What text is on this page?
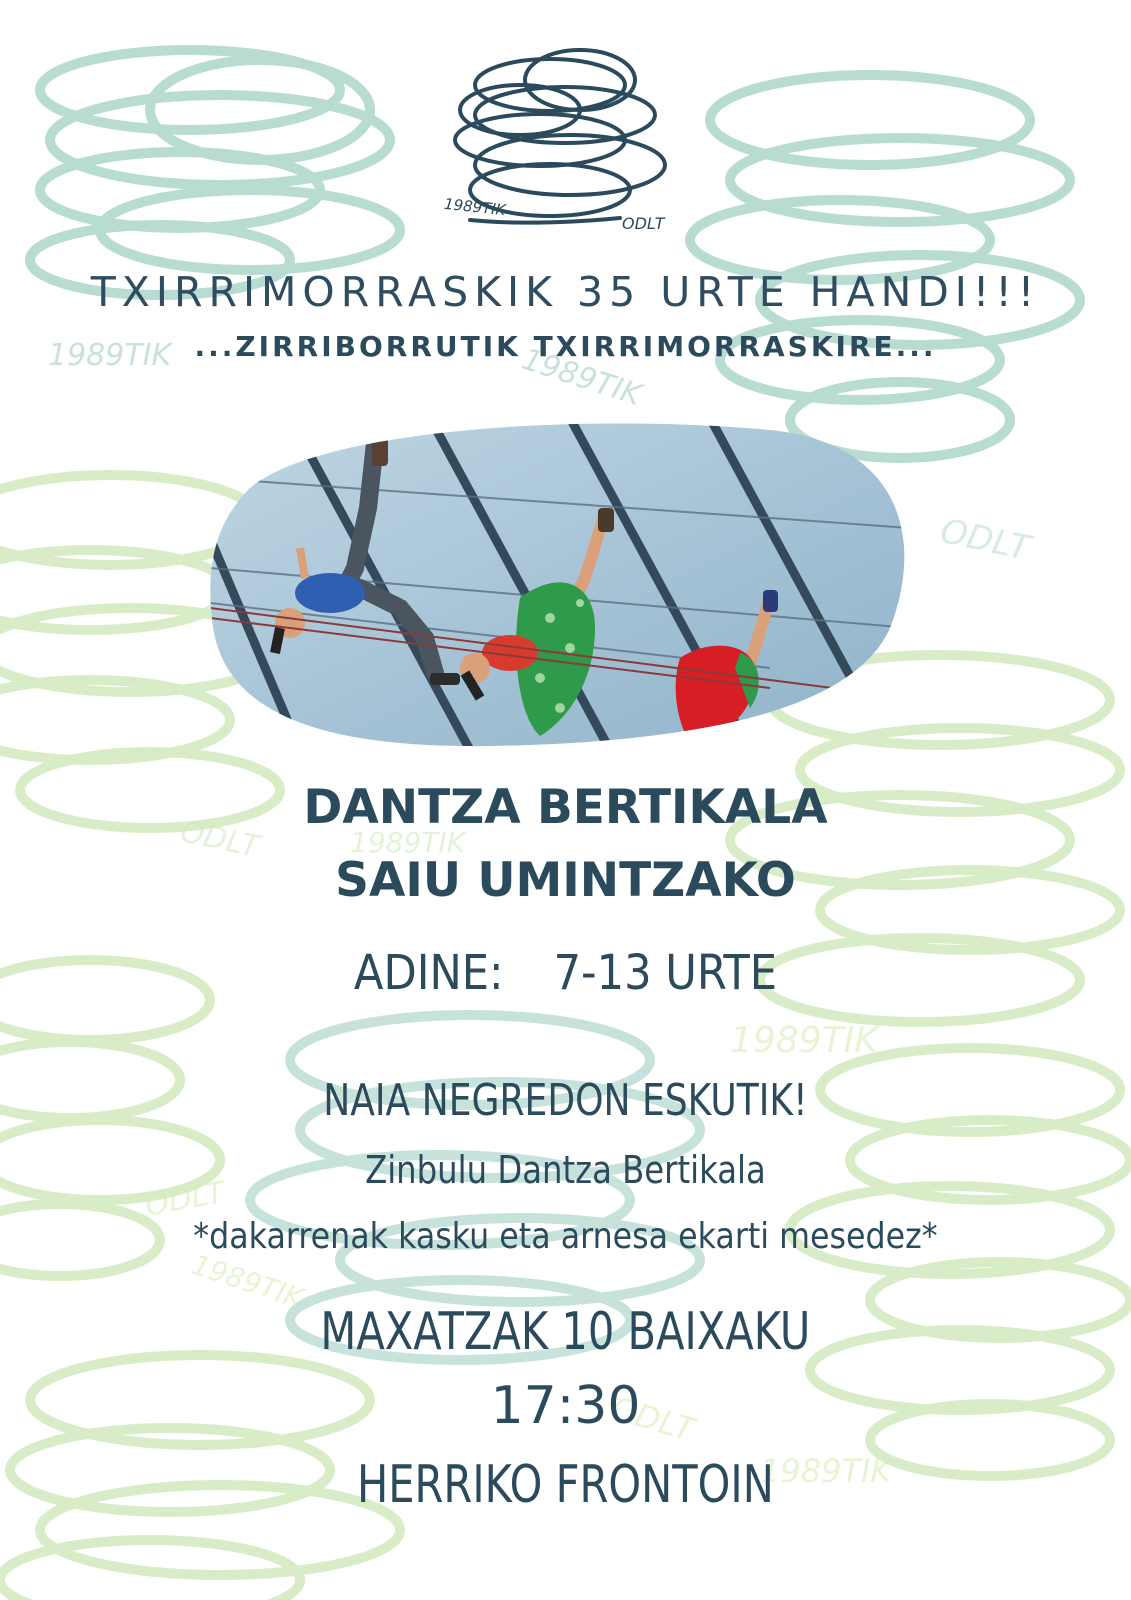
1989TIK	1989TIK
ODLT
ODLT	1989TIK
1989TIK
ODLT
1989TIK
ODLT
1989TIK
1989TIK
ODLT
TXIRRIMORRASKIK 35 URTE HANDI!!!
...ZIRRIBORRUTIK TXIRRIMORRASKIRE...
DANTZA BERTIKALA
SAIU UMINTZAKO
ADINE: 7-13 URTE
NAIA NEGREDON ESKUTIK!
Zinbulu Dantza Bertikala
*dakarrenak kasku eta arnesa ekarti mesedez*
MAXATZAK 10 BAIXAKU
17:30
HERRIKO FRONTOIN
